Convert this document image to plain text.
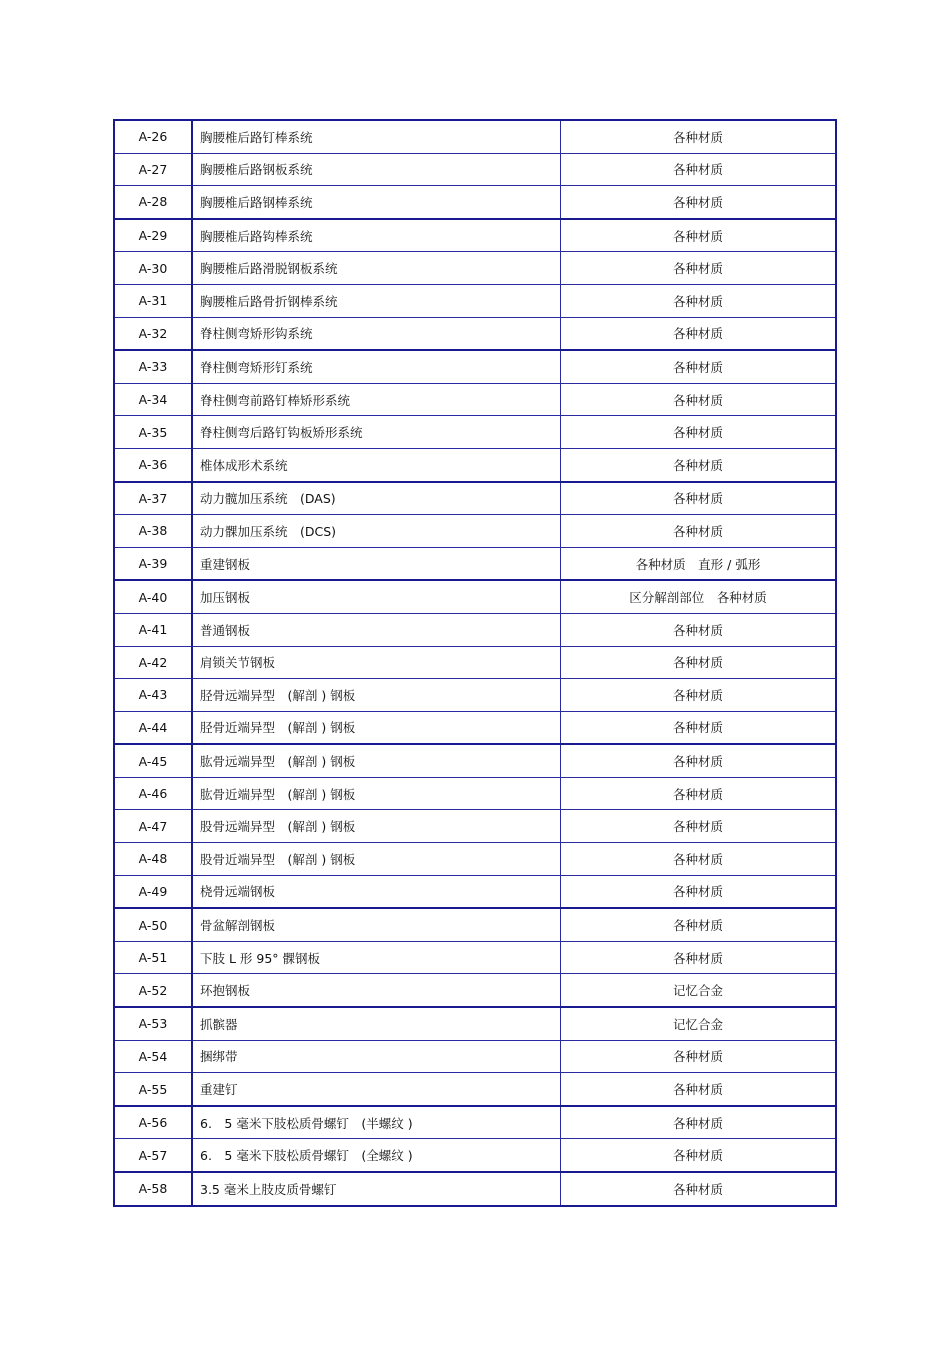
A-26	胸腰椎后路钉棒系统	各种材质
A-27	胸腰椎后路钢板系统	各种材质
A-28	胸腰椎后路钢棒系统	各种材质
A-29	胸腰椎后路钩棒系统	各种材质
A-30	胸腰椎后路滑脱钢板系统	各种材质
A-31	胸腰椎后路骨折钢棒系统	各种材质
A-32	脊柱侧弯矫形钩系统	各种材质
A-33	脊柱侧弯矫形钉系统	各种材质
A-34	脊柱侧弯前路钉棒矫形系统	各种材质
A-35	脊柱侧弯后路钉钩板矫形系统	各种材质
A-36	椎体成形术系统	各种材质
A-37	动力髋加压系统　(DAS)	各种材质
A-38	动力髁加压系统　(DCS)	各种材质
A-39	重建钢板	各种材质　直形 / 弧形
A-40	加压钢板	区分解剖部位　各种材质
A-41	普通钢板	各种材质
A-42	肩锁关节钢板	各种材质
A-43	胫骨远端异型　(解剖 ) 钢板	各种材质
A-44	胫骨近端异型　(解剖 ) 钢板	各种材质
A-45	肱骨远端异型　(解剖 ) 钢板	各种材质
A-46	肱骨近端异型　(解剖 ) 钢板	各种材质
A-47	股骨远端异型　(解剖 ) 钢板	各种材质
A-48	股骨近端异型　(解剖 ) 钢板	各种材质
A-49	桡骨远端钢板	各种材质
A-50	骨盆解剖钢板	各种材质
A-51	下肢 L 形 95° 髁钢板	各种材质
A-52	环抱钢板	记忆合金
A-53	抓髌器	记忆合金
A-54	捆绑带	各种材质
A-55	重建钉	各种材质
A-56	6.　5 毫米下肢松质骨螺钉　(半螺纹 )	各种材质
A-57	6.　5 毫米下肢松质骨螺钉　(全螺纹 )	各种材质
A-58	3.5 毫米上肢皮质骨螺钉	各种材质
